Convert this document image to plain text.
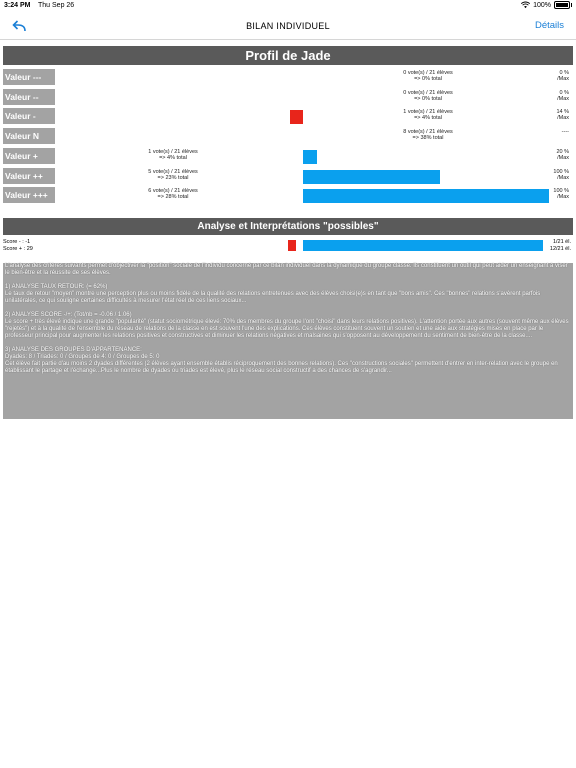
3:24 PM Thu Sep 26	100%
BILAN INDIVIDUEL	Détails
Profil de Jade
Valeur ---	0 vote(s) / 21 élèves
=> 0% total
0 %
/Max
Valeur --	0 vote(s) / 21 élèves
=> 0% total
0 %
/Max
Valeur -	1 vote(s) / 21 élèves
=> 4% total
14 %
/Max
Valeur N	8 vote(s) / 21 élèves
=> 38% total
----
Valeur +	1 vote(s) / 21 élèves
=> 4% total
20 %
/Max
Valeur ++	5 vote(s) / 21 élèves
=> 23% total
100 %
/Max
Valeur +++	6 vote(s) / 21 élèves
=> 28% total
100 %
/Max
Analyse et Interprétations "possibles"
Score - : -1	1/21 él.
Score + : 29	12/21 él.

L'analyse des critères suivants permet d'objectiver la "position" sociale de l'individu concerné par ce bilan individuel dans la dynamique du groupe classe. Ils constituent un outil qui peut aider un enseignant à viser le bien-être et la réussite de ses élèves.

1) ANALYSE TAUX RETOUR: (= 62%)

Le taux de retour "moyen" montre une perception plus ou moins fidèle de la qualité des relations entretenues avec des élèves choisi(e)s en tant que "bons amis". Ces "bonnes" relations s'avèrent parfois unilatérales, ce qui souligne certaines difficultés à mesurer l'état réel de ces liens sociaux...

2) ANALYSE SCORE -/+: (Tot/nb = -0.06 / 1.06)

Le score + très élevé indique une grande "popularité" (statut sociométrique élevé: 70% des membres du groupe l'ont "choisi" dans leurs relations positives). L'attention portée aux autres (souvent même aux élèves "rejetés") et à la qualité de l'ensemble du réseau de relations de la classe en est souvent l'une des explications. Ces élèves constituent souvent un soutien et une aide aux stratégies mises en place par le professeur principal pour augmenter les relations positives et constructives et diminuer les relations négatives et malsaines qui s'opposent au développement du sentiment de bien-être de la classe....

3) ANALYSE DES GROUPES D'APPARTENANCE:

Dyades: 8 / Triades: 0 / Groupes de 4: 0 / Groupes de 5: 0

Cet élève fait partie d'au moins 2 dyades différentes (2 élèves ayant ensemble établis réciproquement des bonnes relations). Ces "constructions sociales" permettent d'entrer en inter-relation avec le groupe en établissant le partage et l'échange...Plus le nombre de dyades ou triades est élevé, plus le réseau social constructif a des chances de s'agrandir...
